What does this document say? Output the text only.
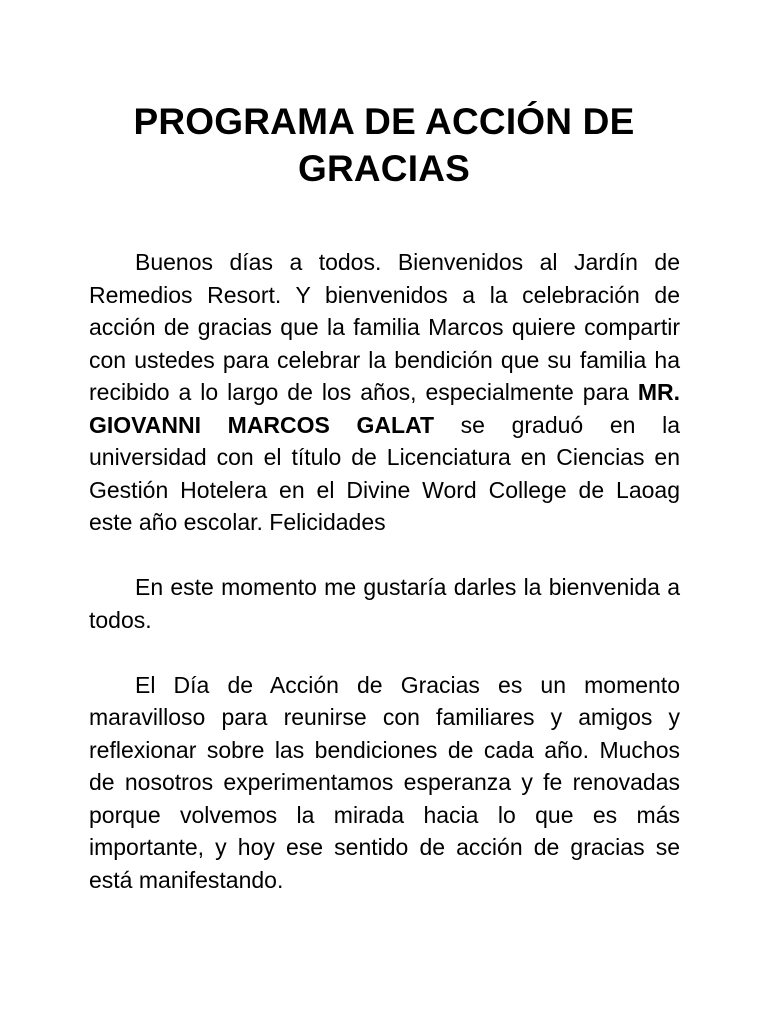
PROGRAMA DE ACCIÓN DE GRACIAS

Buenos días a todos. Bienvenidos al Jardín de Remedios Resort. Y bienvenidos a la celebración de acción de gracias que la familia Marcos quiere compartir con ustedes para celebrar la bendición que su familia ha recibido a lo largo de los años, especialmente para MR. GIOVANNI MARCOS GALAT se graduó en la universidad con el título de Licenciatura en Ciencias en Gestión Hotelera en el Divine Word College de Laoag este año escolar. Felicidades

En este momento me gustaría darles la bienvenida a todos.

El Día de Acción de Gracias es un momento maravilloso para reunirse con familiares y amigos y reflexionar sobre las bendiciones de cada año. Muchos de nosotros experimentamos esperanza y fe renovadas porque volvemos la mirada hacia lo que es más importante, y hoy ese sentido de acción de gracias se está manifestando.
